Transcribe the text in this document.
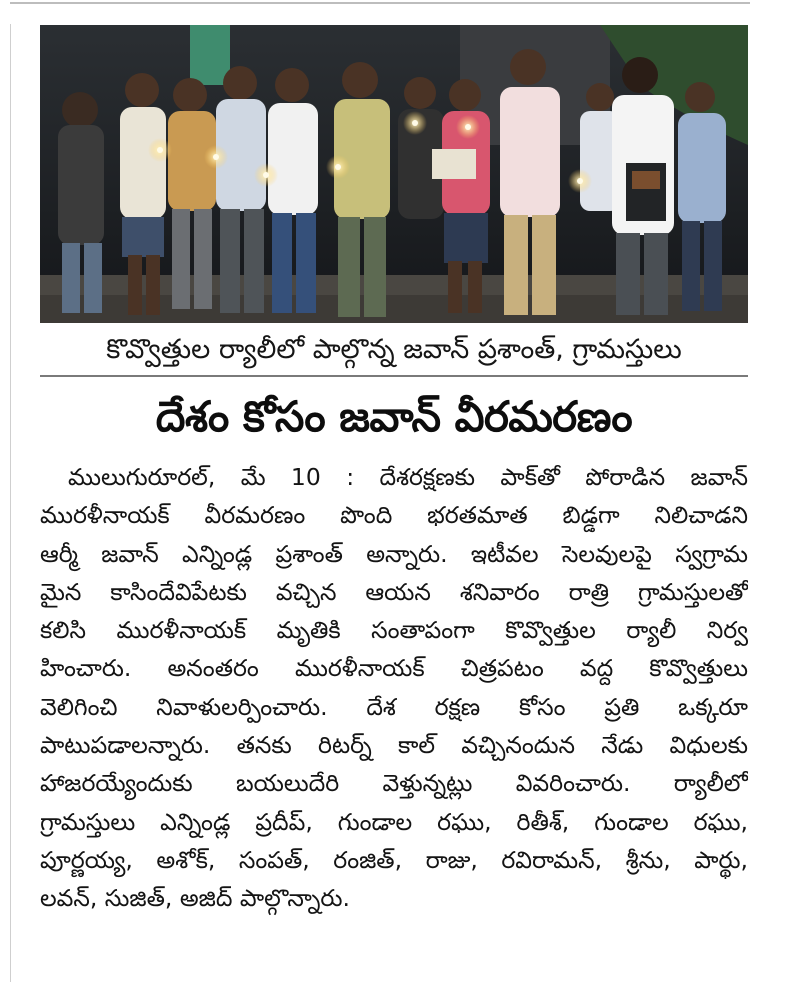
కొవ్వొత్తుల ర్యాలీలో పాల్గొన్న జవాన్ ప్రశాంత్, గ్రామస్తులు
దేశం కోసం జవాన్ వీరమరణం
ములుగురూరల్, మే 10 : దేశరక్షణకు పాక్‌తో పోరాడిన జవాన్
మురళీనాయక్ వీరమరణం పొంది భరతమాత బిడ్డగా నిలిచాడని
ఆర్మీ జవాన్ ఎన్నిండ్ల ప్రశాంత్ అన్నారు. ఇటీవల సెలవులపై స్వగ్రామ
మైన కాసిందేవిపేటకు వచ్చిన ఆయన శనివారం రాత్రి గ్రామస్తులతో
కలిసి మురళీనాయక్ మృతికి సంతాపంగా కొవ్వొత్తుల ర్యాలీ నిర్వ
హించారు. అనంతరం మురళీనాయక్ చిత్రపటం వద్ద కొవ్వొత్తులు
వెలిగించి నివాళులర్పించారు. దేశ రక్షణ కోసం ప్రతి ఒక్కరూ
పాటుపడాలన్నారు. తనకు రిటర్న్ కాల్ వచ్చినందున నేడు విధులకు
హాజరయ్యేందుకు బయలుదేరి వెళ్తున్నట్లు వివరించారు. ర్యాలీలో
గ్రామస్తులు ఎన్నిండ్ల ప్రదీప్, గుండాల రఘు, రితీశ్, గుండాల రఘు,
పూర్ణయ్య, అశోక్, సంపత్, రంజిత్, రాజు, రవిరామన్, శ్రీను, పార్థు,
లవన్, సుజిత్, అజిద్ పాల్గొన్నారు.
